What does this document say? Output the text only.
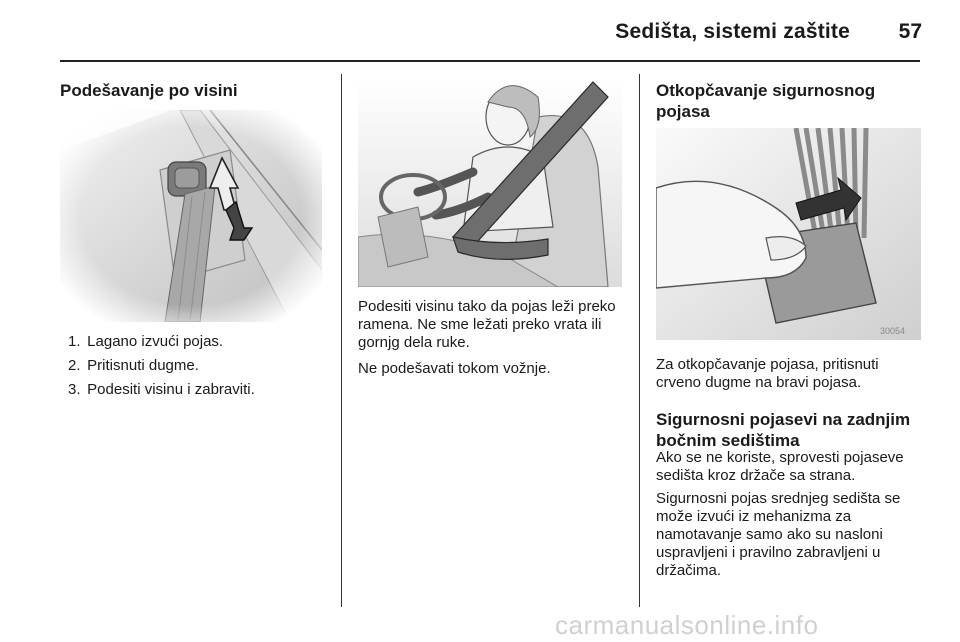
Sedišta, sistemi zaštite	57
Podešavanje po visini
1. Lagano izvući pojas.
2. Pritisnuti dugme.
3. Podesiti visinu i zabraviti.
Podesiti visinu tako da pojas leži preko ramena. Ne sme ležati preko vrata ili gornjg dela ruke.
Ne podešavati tokom vožnje.
Otkopčavanje sigurnosnog pojasa
30054
Za otkopčavanje pojasa, pritisnuti crveno dugme na bravi pojasa.
Sigurnosni pojasevi na zadnjim bočnim sedištima
Ako se ne koriste, sprovesti pojaseve sedišta kroz držače sa strana.
Sigurnosni pojas srednjeg sedišta se može izvući iz mehanizma za namotavanje samo ako su nasloni uspravljeni i pravilno zabravljeni u držačima.
carmanualsonline.info
